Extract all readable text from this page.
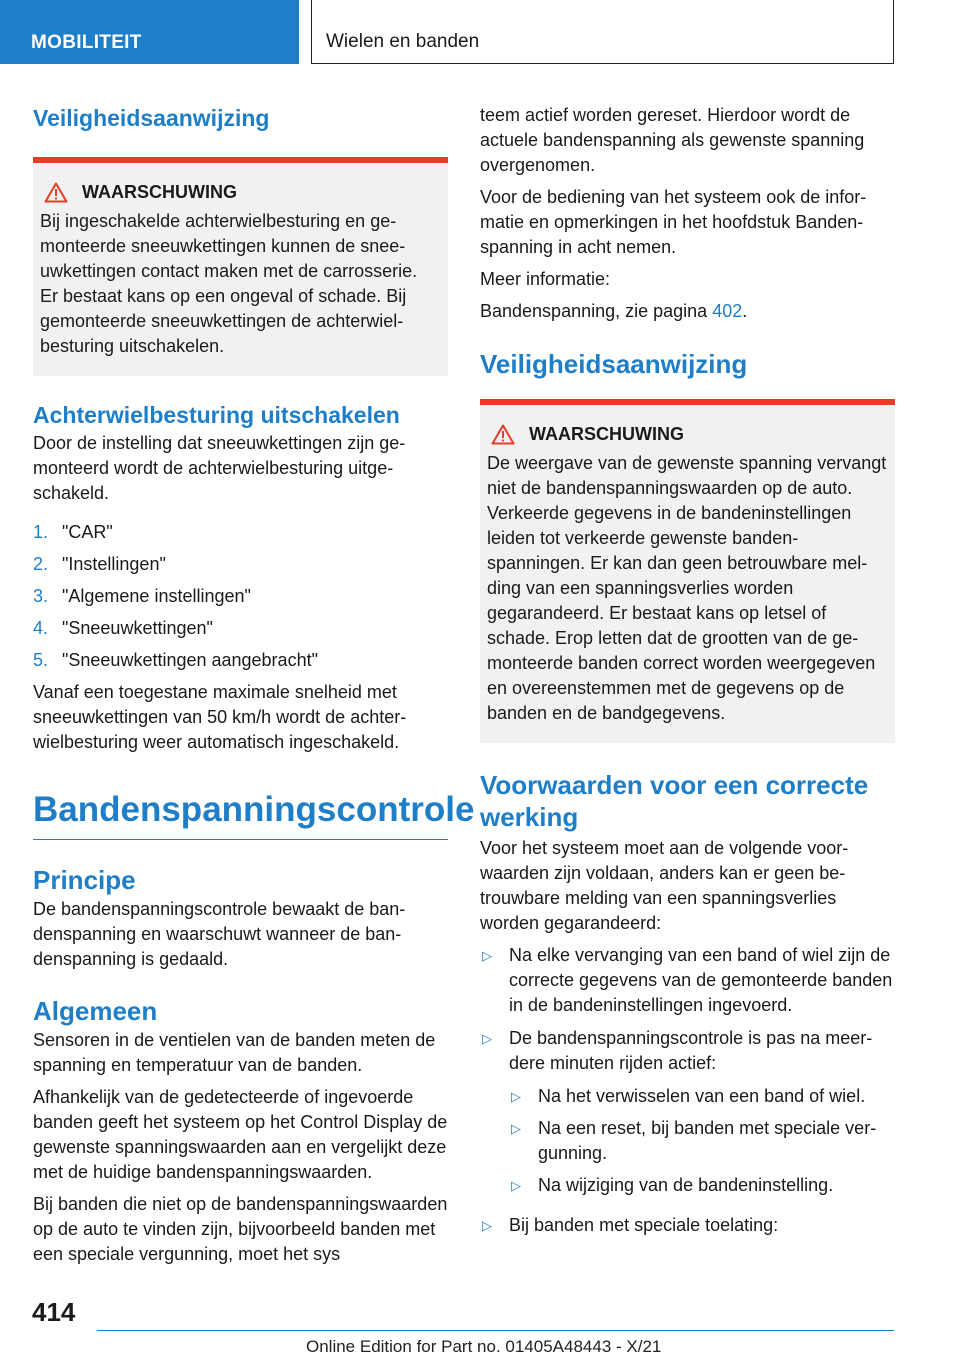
MOBILITEIT	Wielen en banden
Veiligheidsaanwijzing
WAARSCHUWING

Bij ingeschakelde achterwielbesturing en gemonteerde sneeuwkettingen kunnen de sneeuwkettingen contact maken met de carrosserie. Er bestaat kans op een ongeval of schade. Bij gemonteerde sneeuwkettingen de achterwielbesturing uitschakelen.

Achterwielbesturing uitschakelen

Door de instelling dat sneeuwkettingen zijn gemonteerd wordt de achterwielbesturing uitgeschakeld.

1. "CAR"
2. "Instellingen"
3. "Algemene instellingen"
4. "Sneeuwkettingen"
5. "Sneeuwkettingen aangebracht"

Vanaf een toegestane maximale snelheid met sneeuwkettingen van 50 km/h wordt de achterwielbesturing weer automatisch ingeschakeld.

Bandenspanningscontrole
Principe

De bandenspanningscontrole bewaakt de bandenspanning en waarschuwt wanneer de bandenspanning is gedaald.

Algemeen

Sensoren in de ventielen van de banden meten de spanning en temperatuur van de banden.

Afhankelijk van de gedetecteerde of ingevoerde banden geeft het systeem op het Control Display de gewenste spanningswaarden aan en vergelijkt deze met de huidige bandenspanningswaarden.

Bij banden die niet op de bandenspanningswaarden op de auto te vinden zijn, bijvoorbeeld banden met een speciale vergunning, moet het sys

teem actief worden gereset. Hierdoor wordt de actuele bandenspanning als gewenste spanning overgenomen.

Voor de bediening van het systeem ook de informatie en opmerkingen in het hoofdstuk Bandenspanning in acht nemen.

Meer informatie:

Bandenspanning, zie pagina 402.

Veiligheidsaanwijzing
WAARSCHUWING

De weergave van de gewenste spanning vervangt niet de bandenspanningswaarden op de auto. Verkeerde gegevens in de bandeninstellingen leiden tot verkeerde gewenste bandenspanningen. Er kan dan geen betrouwbare melding van een spanningsverlies worden gegarandeerd. Er bestaat kans op letsel of schade. Erop letten dat de grootten van de gemonteerde banden correct worden weergegeven en overeenstemmen met de gegevens op de banden en de bandgegevens.

Voorwaarden voor een correcte werking

Voor het systeem moet aan de volgende voorwaarden zijn voldaan, anders kan er geen betrouwbare melding van een spanningsverlies worden gegarandeerd:

▷ Na elke vervanging van een band of wiel zijn de correcte gegevens van de gemonteerde banden in de bandeninstellingen ingevoerd.
▷ De bandenspanningscontrole is pas na meerdere minuten rijden actief:
▷ Na het verwisselen van een band of wiel.
▷ Na een reset, bij banden met speciale vergunning.
▷ Na wijziging van de bandeninstelling.
▷ Bij banden met speciale toelating:
414
Online Edition for Part no. 01405A48443 - X/21
